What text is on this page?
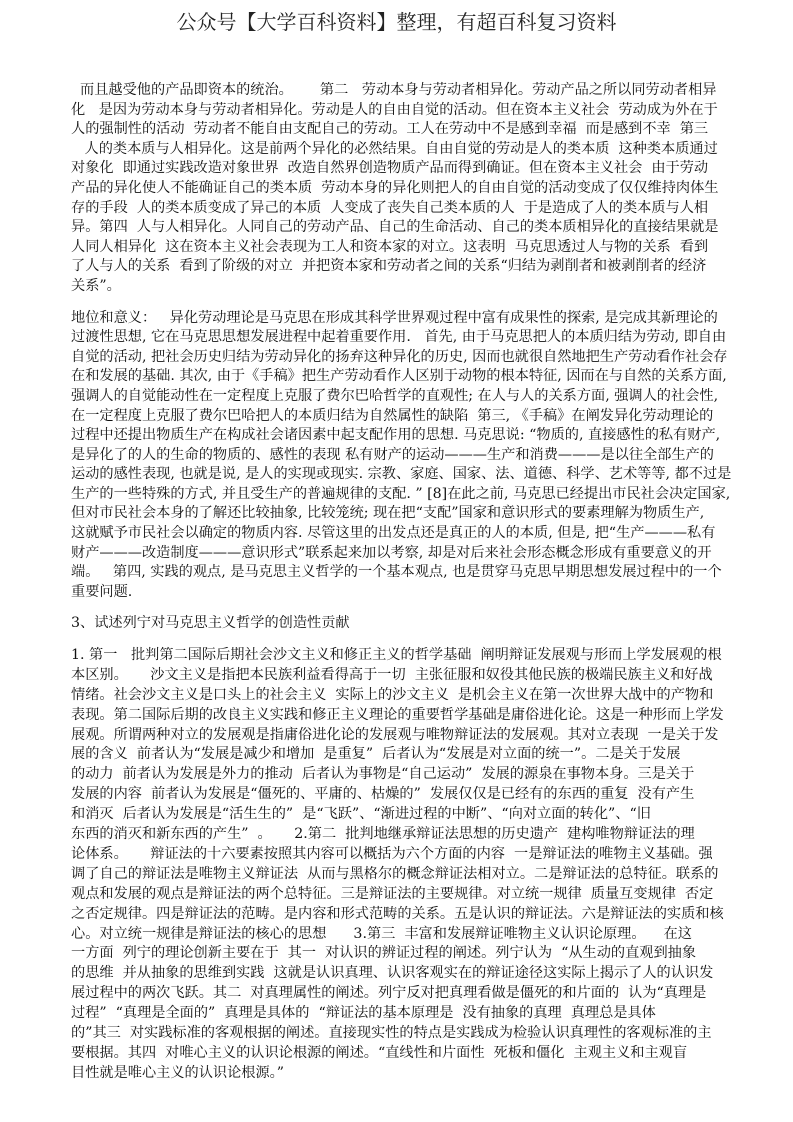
公众号【大学百科资料】整理，有超百科复习资料
而且越受他的产品即资本的统治。      第二   劳动本身与劳动者相异化。劳动产品之所以同劳动者相异
化   是因为劳动本身与劳动者相异化。劳动是人的自由自觉的活动。但在资本主义社会  劳动成为外在于
人的强制性的活动  劳动者不能自由支配自己的劳动。工人在劳动中不是感到幸福  而是感到不幸  第三
人的类本质与人相异化。这是前两个异化的必然结果。自由自觉的劳动是人的类本质  这种类本质通过
对象化  即通过实践改造对象世界  改造自然界创造物质产品而得到确证。但在资本主义社会  由于劳动
产品的异化使人不能确证自己的类本质  劳动本身的异化则把人的自由自觉的活动变成了仅仅维持肉体生
存的手段  人的类本质变成了异己的本质  人变成了丧失自己类本质的人  于是造成了人的类本质与人相
异。第四  人与人相异化。人同自己的劳动产品、自己的生命活动、自己的类本质相异化的直接结果就是
人同人相异化  这在资本主义社会表现为工人和资本家的对立。这表明  马克思透过人与物的关系  看到
了人与人的关系  看到了阶级的对立  并把资本家和劳动者之间的关系“归结为剥削者和被剥削者的经济
关系”。
地位和意义：   异化劳动理论是马克思在形成其科学世界观过程中富有成果性的探索, 是完成其新理论的
过渡性思想, 它在马克思思想发展进程中起着重要作用.   首先, 由于马克思把人的本质归结为劳动, 即自由
自觉的活动, 把社会历史归结为劳动异化的扬弃这种异化的历史, 因而也就很自然地把生产劳动看作社会存
在和发展的基础. 其次, 由于《手稿》把生产劳动看作人区别于动物的根本特征, 因而在与自然的关系方面,
强调人的自觉能动性在一定程度上克服了费尔巴哈哲学的直观性; 在人与人的关系方面, 强调人的社会性,
在一定程度上克服了费尔巴哈把人的本质归结为自然属性的缺陷  第三, 《手稿》在阐发异化劳动理论的
过程中还提出物质生产在构成社会诸因素中起支配作用的思想. 马克思说: “物质的, 直接感性的私有财产,
是异化了的人的生命的物质的、感性的表现 私有财产的运动———生产和消费———是以往全部生产的
运动的感性表现, 也就是说, 是人的实现或现实. 宗教、家庭、国家、法、道德、科学、艺术等等, 都不过是
生产的一些特殊的方式, 并且受生产的普遍规律的支配. ” [8]在此之前, 马克思已经提出市民社会决定国家,
但对市民社会本身的了解还比较抽象, 比较笼统; 现在把“支配”国家和意识形式的要素理解为物质生产,
这就赋予市民社会以确定的物质内容. 尽管这里的出发点还是真正的人的本质, 但是, 把“生产———私有
财产———改造制度———意识形式”联系起来加以考察, 却是对后来社会形态概念形成有重要意义的开
端。   第四, 实践的观点, 是马克思主义哲学的一个基本观点, 也是贯穿马克思早期思想发展过程中的一个
重要问题.
3、试述列宁对马克思主义哲学的创造性贡献
1. 第一   批判第二国际后期社会沙文主义和修正主义的哲学基础  阐明辩证发展观与形而上学发展观的根
本区别。     沙文主义是指把本民族利益看得高于一切  主张征服和奴役其他民族的极端民族主义和好战
情绪。社会沙文主义是口头上的社会主义  实际上的沙文主义  是机会主义在第一次世界大战中的产物和
表现。第二国际后期的改良主义实践和修正主义理论的重要哲学基础是庸俗进化论。这是一种形而上学发
展观。所谓两种对立的发展观是指庸俗进化论的发展观与唯物辩证法的发展观。其对立表现  一是关于发
展的含义  前者认为“发展是减少和增加  是重复”  后者认为“发展是对立面的统一”。二是关于发展
的动力  前者认为发展是外力的推动  后者认为事物是“自己运动”  发展的源泉在事物本身。三是关于
发展的内容  前者认为发展是“僵死的、平庸的、枯燥的”  发展仅仅是已经有的东西的重复  没有产生
和消灭  后者认为发展是“活生生的”  是“飞跃”、“渐进过程的中断”、“向对立面的转化”、“旧
东西的消灭和新东西的产生”  。     2.第二  批判地继承辩证法思想的历史遗产  建构唯物辩证法的理
论体系。     辩证法的十六要素按照其内容可以概括为六个方面的内容  一是辩证法的唯物主义基础。强
调了自己的辩证法是唯物主义辩证法  从而与黑格尔的概念辩证法相对立。二是辩证法的总特征。联系的
观点和发展的观点是辩证法的两个总特征。三是辩证法的主要规律。对立统一规律  质量互变规律  否定
之否定规律。四是辩证法的范畴。是内容和形式范畴的关系。五是认识的辩证法。六是辩证法的实质和核
心。对立统一规律是辩证法的核心的思想      3.第三  丰富和发展辩证唯物主义认识论原理。    在这
一方面  列宁的理论创新主要在于  其一  对认识的辨证过程的阐述。列宁认为  “从生动的直观到抽象
的思维  并从抽象的思维到实践  这就是认识真理、认识客观实在的辩证途径这实际上揭示了人的认识发
展过程中的两次飞跃。其二  对真理属性的阐述。列宁反对把真理看做是僵死的和片面的  认为“真理是
过程”  “真理是全面的”  真理是具体的  “辩证法的基本原理是  没有抽象的真理  真理总是具体
的”其三  对实践标准的客观根据的阐述。直接现实性的特点是实践成为检验认识真理性的客观标准的主
要根据。其四  对唯心主义的认识论根源的阐述。“直线性和片面性  死板和僵化  主观主义和主观盲
目性就是唯心主义的认识论根源。”
